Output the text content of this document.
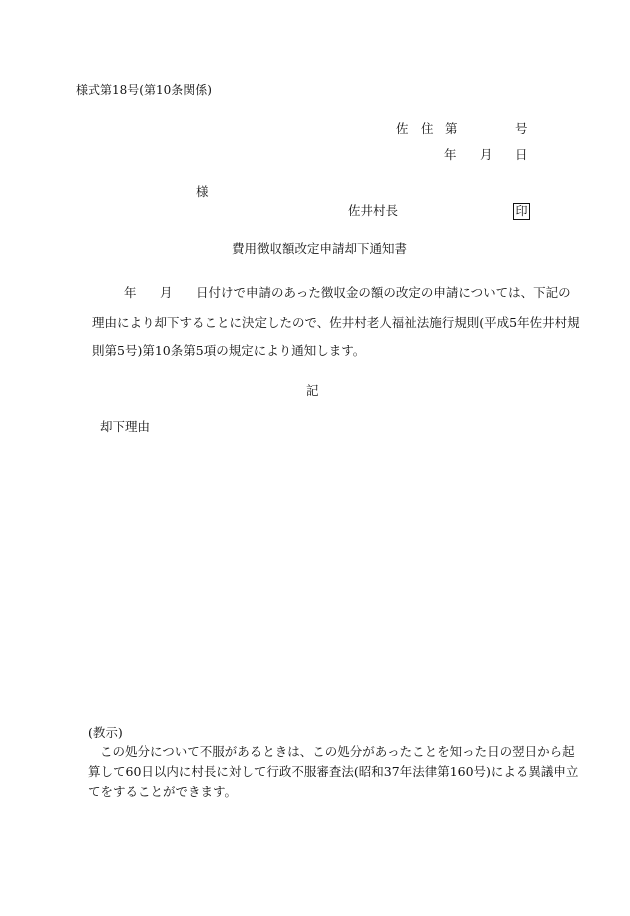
様式第18号(第10条関係)
佐　住 第	号
年 月 日
様
佐井村長	印
費用徴収額改定申請却下通知書
年 月 日付けで申請のあった徴収金の額の改定の申請については、下記の
理由により却下することに決定したので、佐井村老人福祉法施行規則(平成5年佐井村規
則第5号)第10条第5項の規定により通知します。
記
却下理由
(教示)
この処分について不服があるときは、この処分があったことを知った日の翌日から起
算して60日以内に村長に対して行政不服審査法(昭和37年法律第160号)による異議申立
てをすることができます。
